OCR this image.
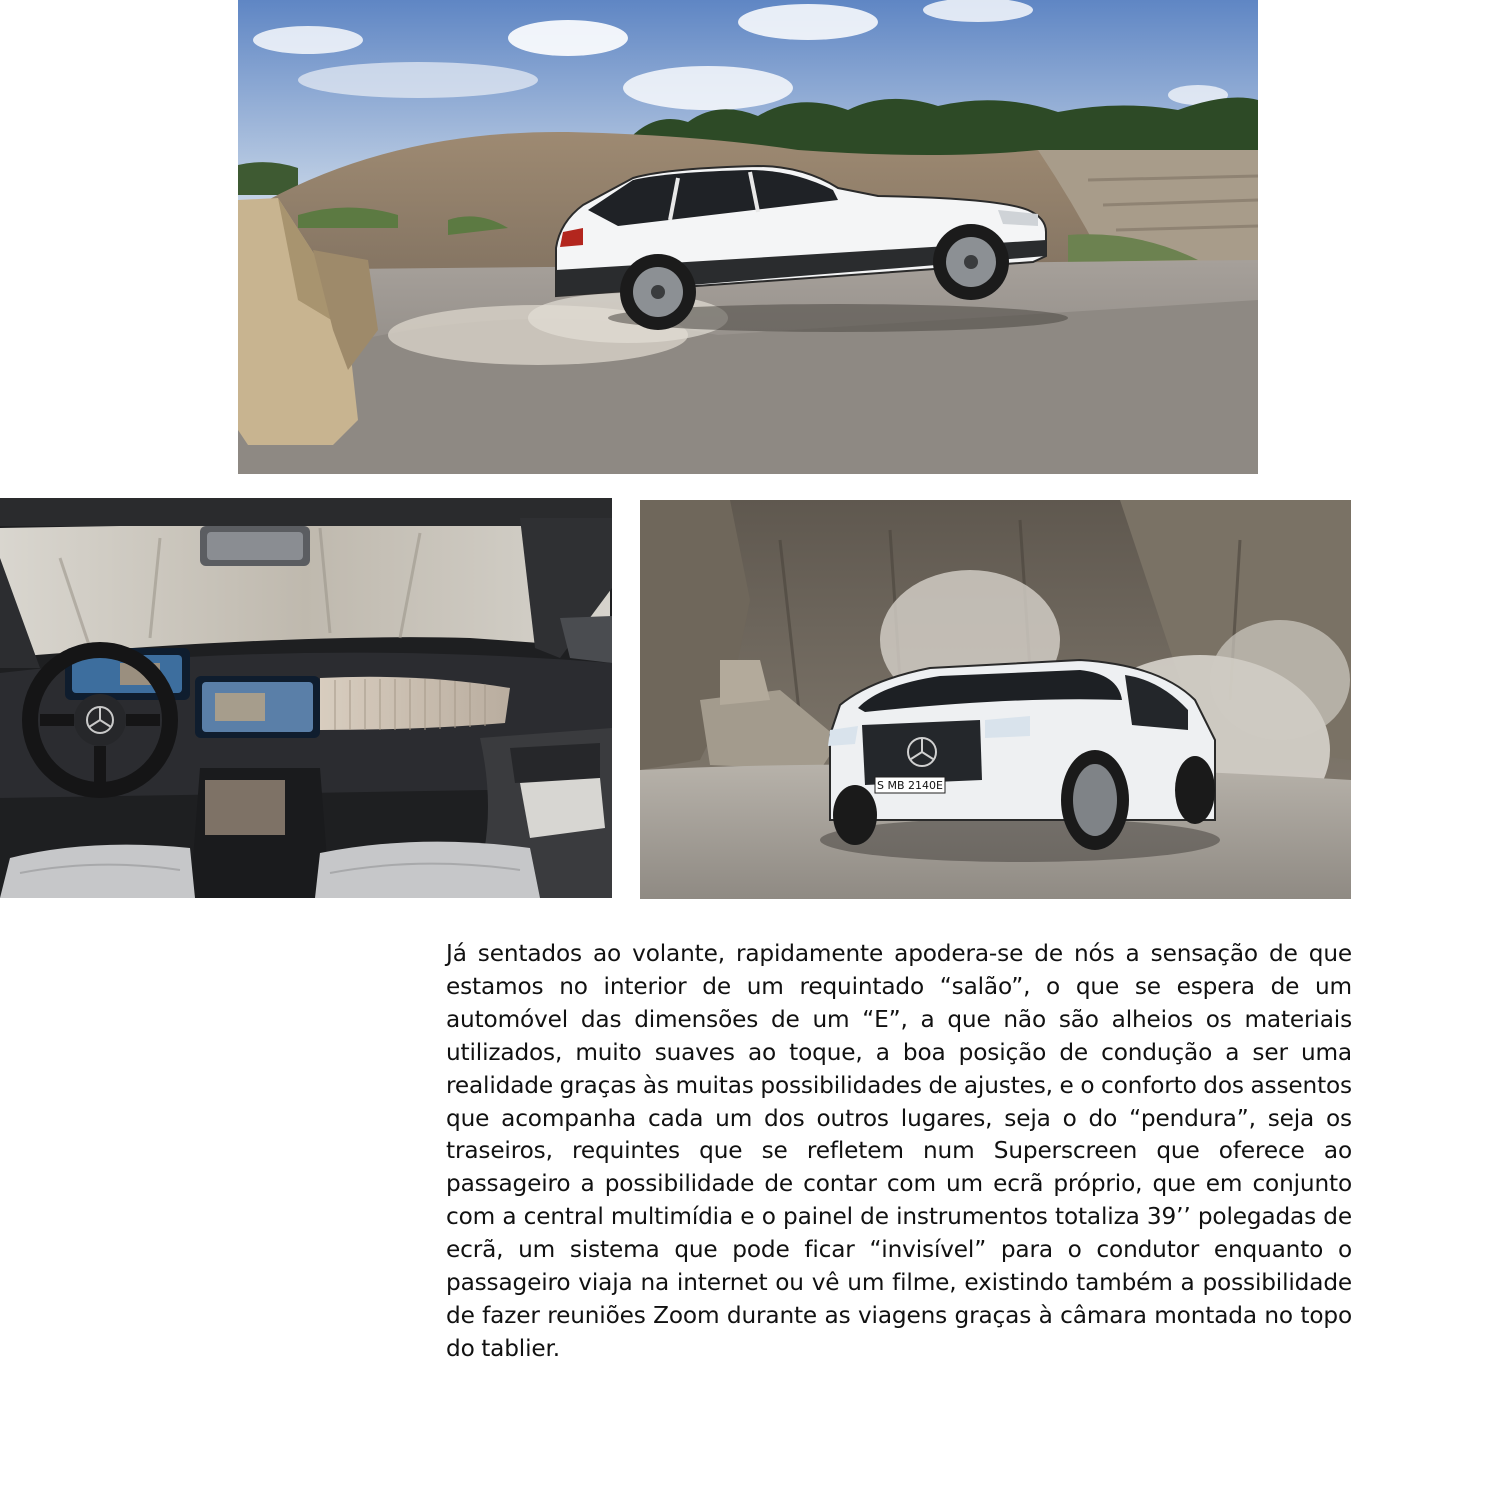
S MB 2140E

Já sentados ao volante, rapidamente apodera-se de nós a sensação de que estamos no interior de um requintado “salão”, o que se espera de um automóvel das dimensões de um “E”, a que não são alheios os materiais utilizados, muito suaves ao toque, a boa posição de condução a ser uma realidade graças às muitas possibilidades de ajustes, e o conforto dos assentos que acompanha cada um dos outros lugares, seja o do “pendura”, seja os traseiros, requintes que se refletem num Superscreen que oferece ao passageiro a possibilidade de contar com um ecrã próprio, que em conjunto com a central multimídia e o painel de instrumentos totaliza 39’’ polegadas de ecrã, um sistema que pode ficar “invisível” para o condutor enquanto o passageiro viaja na internet ou vê um filme, existindo também a possibilidade de fazer reuniões Zoom durante as viagens graças à câmara montada no topo do tablier.
